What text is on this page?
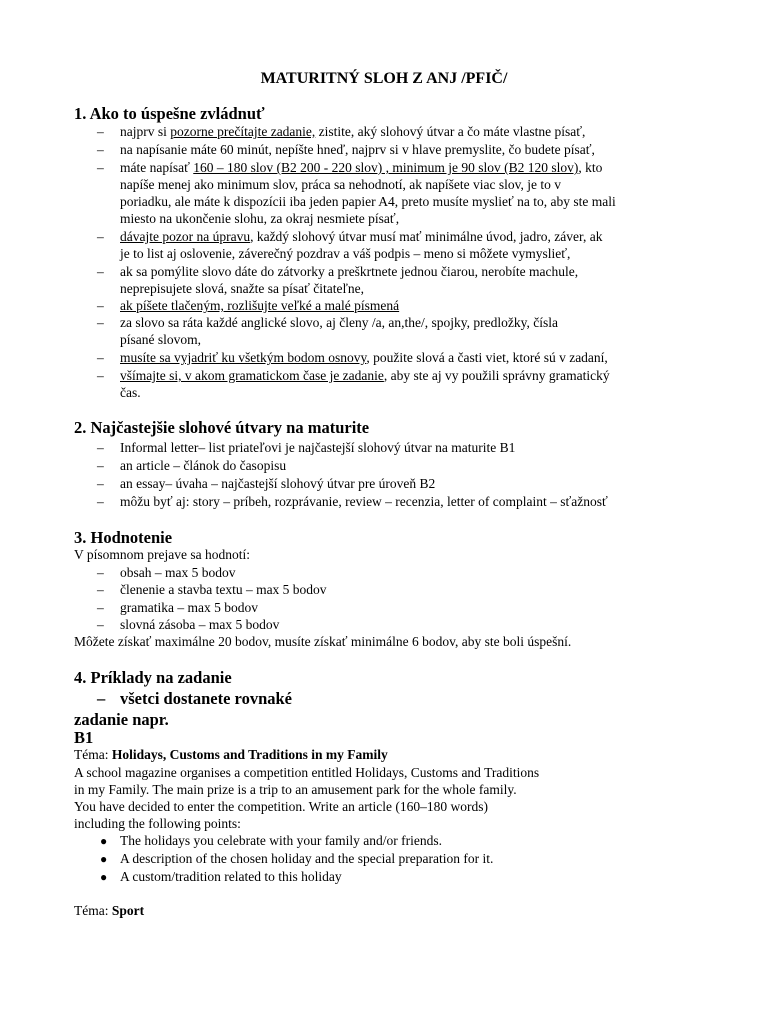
MATURITNÝ SLOH Z ANJ /PFIČ/
1. Ako to úspešne zvládnuť
– najprv si pozorne prečítajte zadanie, zistite, aký slohový útvar a čo máte vlastne písať,
– na napísanie máte 60 minút, nepíšte hneď, najprv si v hlave premyslite, čo budete písať,
– máte napísať 160 – 180 slov (B2 200 - 220 slov) , minimum je 90 slov (B2 120 slov), kto
napíše menej ako minimum slov, práca sa nehodnotí, ak napíšete viac slov, je to v
poriadku, ale máte k dispozícii iba jeden papier A4, preto musíte myslieť na to, aby ste mali
miesto na ukončenie slohu, za okraj nesmiete písať,
– dávajte pozor na úpravu, každý slohový útvar musí mať minimálne úvod, jadro, záver, ak
je to list aj oslovenie, záverečný pozdrav a váš podpis – meno si môžete vymyslieť,
– ak sa pomýlite slovo dáte do zátvorky a preškrtnete jednou čiarou, nerobíte machule,
neprepisujete slová, snažte sa písať čitateľne,
– ak píšete tlačeným, rozlišujte veľké a malé písmená
– za slovo sa ráta každé anglické slovo, aj členy /a, an,the/, spojky, predložky, čísla
písané slovom,
– musíte sa vyjadriť ku všetkým bodom osnovy, použite slová a časti viet, ktoré sú v zadaní,
– všímajte si, v akom gramatickom čase je zadanie, aby ste aj vy použili správny gramatický
čas.
2. Najčastejšie slohové útvary na maturite
– Informal letter– list priateľovi je najčastejší slohový útvar na maturite B1
– an article – článok do časopisu
– an essay– úvaha – najčastejší slohový útvar pre úroveň B2
– môžu byť aj: story – príbeh, rozprávanie, review – recenzia, letter of complaint – sťažnosť
3. Hodnotenie
V písomnom prejave sa hodnotí:
– obsah – max 5 bodov
– členenie a stavba textu – max 5 bodov
– gramatika – max 5 bodov
– slovná zásoba – max 5 bodov
Môžete získať maximálne 20 bodov, musíte získať minimálne 6 bodov, aby ste boli úspešní.
4. Príklady na zadanie
– všetci dostanete rovnaké
zadanie napr.
B1
Téma: Holidays, Customs and Traditions in my Family
A school magazine organises a competition entitled Holidays, Customs and Traditions
in my Family. The main prize is a trip to an amusement park for the whole family.
You have decided to enter the competition. Write an article (160–180 words)
including the following points:
● The holidays you celebrate with your family and/or friends.
● A description of the chosen holiday and the special preparation for it.
● A custom/tradition related to this holiday
Téma: Sport
